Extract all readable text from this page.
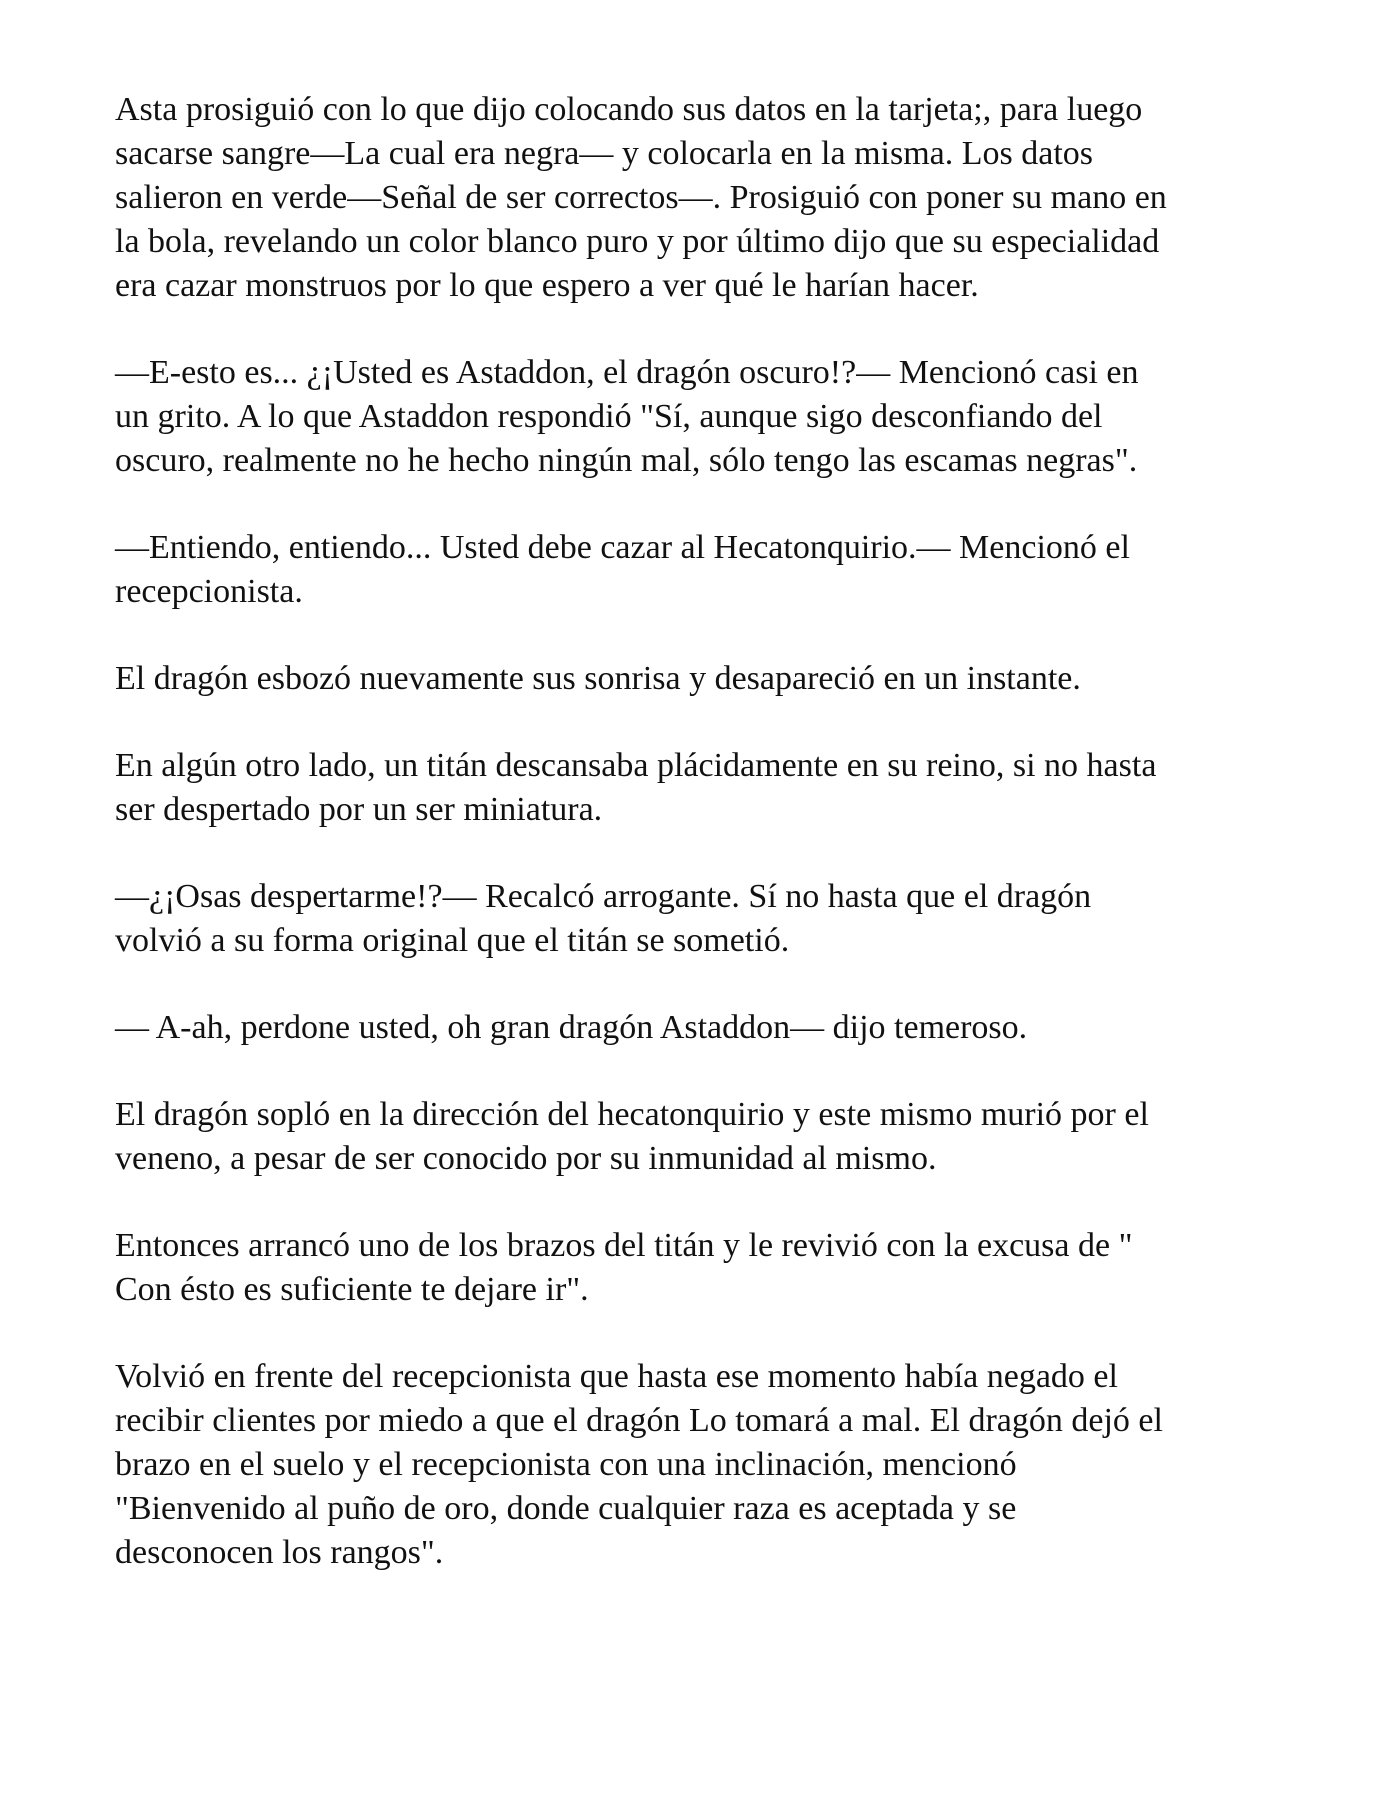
Asta prosiguió con lo que dijo colocando sus datos en la tarjeta;, para luego
sacarse sangre—La cual era negra— y colocarla en la misma. Los datos
salieron en verde—Señal de ser correctos—. Prosiguió con poner su mano en
la bola, revelando un color blanco puro y por último dijo que su especialidad
era cazar monstruos por lo que espero a ver qué le harían hacer.

—E-esto es... ¿¡Usted es Astaddon, el dragón oscuro!?— Mencionó casi en
un grito. A lo que Astaddon respondió "Sí, aunque sigo desconfiando del
oscuro, realmente no he hecho ningún mal, sólo tengo las escamas negras".

—Entiendo, entiendo... Usted debe cazar al Hecatonquirio.— Mencionó el
recepcionista.

El dragón esbozó nuevamente sus sonrisa y desapareció en un instante.

En algún otro lado, un titán descansaba plácidamente en su reino, si no hasta
ser despertado por un ser miniatura.

—¿¡Osas despertarme!?— Recalcó arrogante. Sí no hasta que el dragón
volvió a su forma original que el titán se sometió.

— A-ah, perdone usted, oh gran dragón Astaddon— dijo temeroso.

El dragón sopló en la dirección del hecatonquirio y este mismo murió por el
veneno, a pesar de ser conocido por su inmunidad al mismo.

Entonces arrancó uno de los brazos del titán y le revivió con la excusa de "
Con ésto es suficiente te dejare ir".

Volvió en frente del recepcionista que hasta ese momento había negado el
recibir clientes por miedo a que el dragón Lo tomará a mal. El dragón dejó el
brazo en el suelo y el recepcionista con una inclinación, mencionó
"Bienvenido al puño de oro, donde cualquier raza es aceptada y se
desconocen los rangos".
